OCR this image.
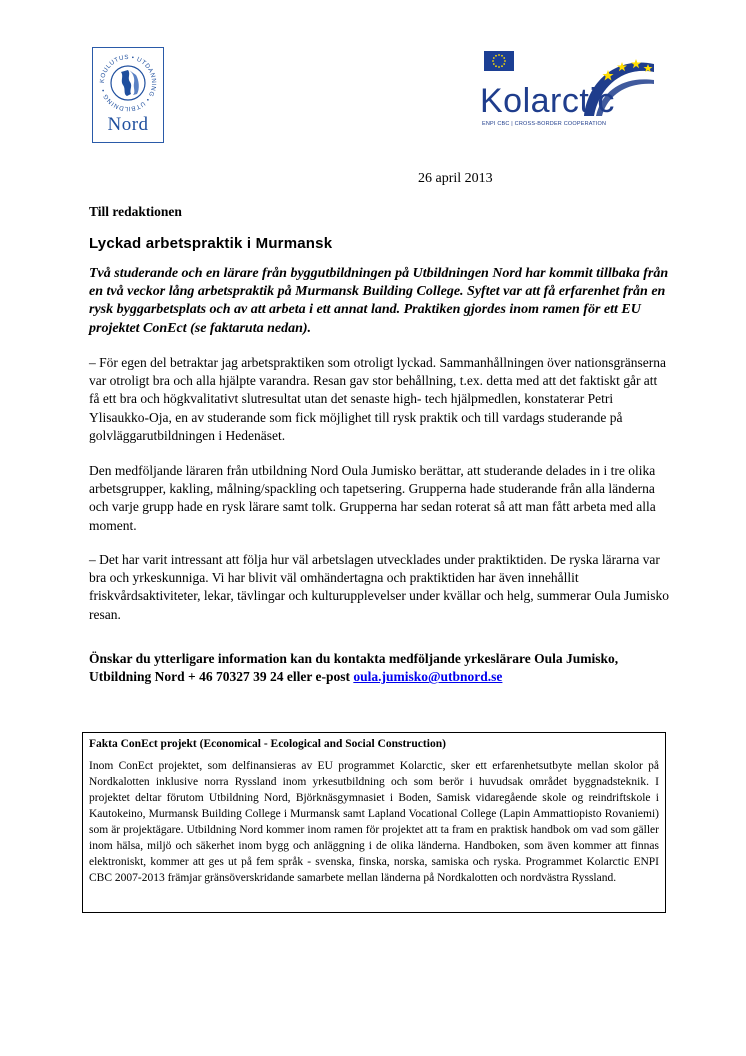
KOULUTUS • UTDANNING • UTBILDNING •
Nord
Kolarctic
ENPI CBC | CROSS-BORDER COOPERATION
26 april 2013
Till redaktionen
Lyckad arbetspraktik i Murmansk
Två studerande och en lärare från byggutbildningen på Utbildningen Nord har kommit tillbaka från en två veckor lång arbetspraktik på Murmansk Building College. Syftet var att få erfarenhet från en rysk byggarbetsplats och av att arbeta i ett annat land. Praktiken gjordes inom ramen för ett EU projektet ConEct (se faktaruta nedan).
– För egen del betraktar jag arbetspraktiken som otroligt lyckad. Sammanhållningen över nationsgränserna var otroligt bra och alla hjälpte varandra. Resan gav stor behållning, t.ex. detta med att det faktiskt går att få ett bra och högkvalitativt slutresultat utan det senaste high- tech hjälpmedlen, konstaterar Petri Ylisaukko-Oja, en av studerande som fick möjlighet till rysk praktik och till vardags studerande på golvläggarutbildningen i Hedenäset.
Den medföljande läraren från utbildning Nord Oula Jumisko berättar, att studerande delades in i tre olika arbetsgrupper, kakling, målning/spackling och tapetsering. Grupperna hade studerande från alla länderna och varje grupp hade en rysk lärare samt tolk. Grupperna har sedan roterat så att man fått arbeta med alla moment.
– Det har varit intressant att följa hur väl arbetslagen utvecklades under praktiktiden. De ryska lärarna var bra och yrkeskunniga. Vi har blivit väl omhändertagna och praktiktiden har även innehållit friskvårdsaktiviteter, lekar, tävlingar och kulturupplevelser under kvällar och helg, summerar Oula Jumisko resan.
Önskar du ytterligare information kan du kontakta medföljande yrkeslärare Oula Jumisko, Utbildning Nord + 46 70327 39 24 eller e-post oula.jumisko@utbnord.se
Fakta ConEct projekt (Economical - Ecological and Social Construction)
Inom ConEct projektet, som delfinansieras av EU programmet Kolarctic, sker ett erfarenhetsutbyte mellan skolor på Nordkalotten inklusive norra Ryssland inom yrkesutbildning och som berör i huvudsak området byggnadsteknik. I projektet deltar förutom Utbildning Nord, Björknäsgymnasiet i Boden, Samisk vidaregående skole og reindriftskole i Kautokeino, Murmansk Building College i Murmansk samt Lapland Vocational College (Lapin Ammattiopisto Rovaniemi) som är projektägare. Utbildning Nord kommer inom ramen för projektet att ta fram en praktisk handbok om vad som gäller inom hälsa, miljö och säkerhet inom bygg och anläggning i de olika länderna. Handboken, som även kommer att finnas elektroniskt, kommer att ges ut på fem språk - svenska, finska, norska, samiska och ryska. Programmet Kolarctic ENPI CBC 2007-2013 främjar gränsöverskridande samarbete mellan länderna på Nordkalotten och nordvästra Ryssland.
